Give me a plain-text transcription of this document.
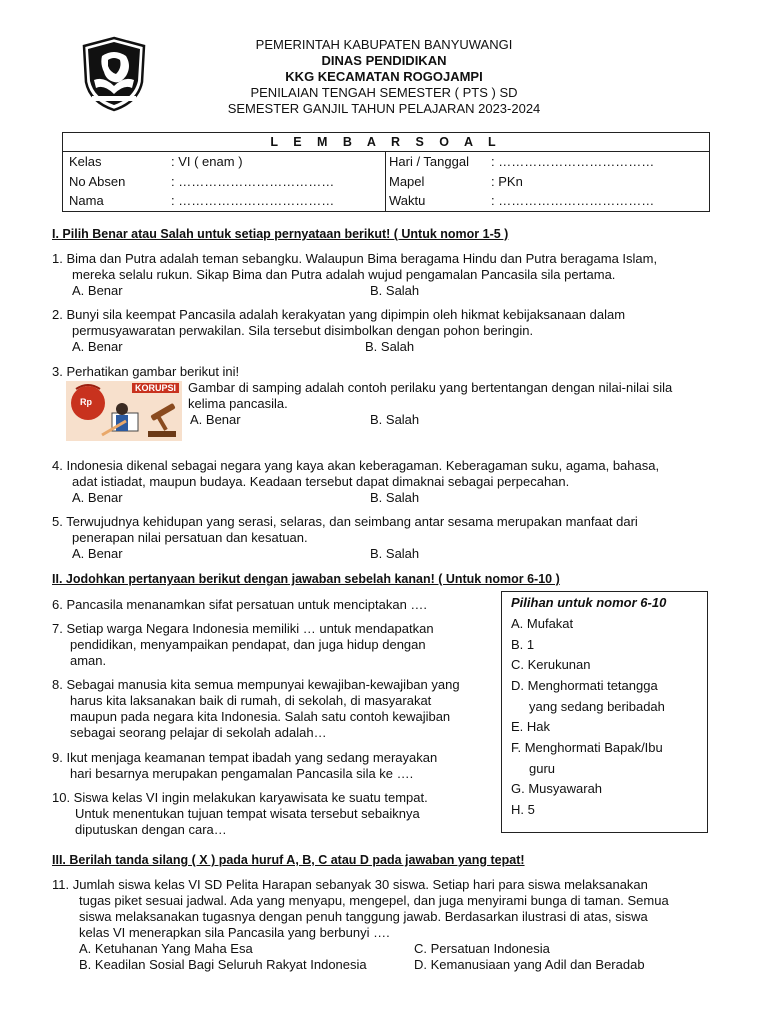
PEMERINTAH KABUPATEN BANYUWANGI
DINAS PENDIDIKAN
KKG KECAMATAN ROGOJAMPI
PENILAIAN TENGAH SEMESTER ( PTS ) SD
SEMESTER GANJIL TAHUN PELAJARAN 2023-2024
L E M B A R S O A L
Kelas	: VI ( enam )
No Absen	: ………………………………
Nama	: ………………………………
Hari / Tanggal : ………………………………
Mapel	: PKn
Waktu	: ………………………………
I. Pilih Benar atau Salah untuk setiap pernyataan berikut! ( Untuk nomor 1-5 )
1. Bima dan Putra adalah teman sebangku. Walaupun Bima beragama Hindu dan Putra beragama Islam,
mereka selalu rukun. Sikap Bima dan Putra adalah wujud pengamalan Pancasila sila pertama.
A. Benar	B. Salah
2. Bunyi sila keempat Pancasila adalah kerakyatan yang dipimpin oleh hikmat kebijaksanaan dalam
permusyawaratan perwakilan. Sila tersebut disimbolkan dengan pohon beringin.
A. Benar	B. Salah
3. Perhatikan gambar berikut ini!
Rp
KORUPSI Gambar di samping adalah contoh perilaku yang bertentangan dengan nilai-nilai sila
kelima pancasila.
A. Benar	B. Salah
4. Indonesia dikenal sebagai negara yang kaya akan keberagaman. Keberagaman suku, agama, bahasa,
adat istiadat, maupun budaya. Keadaan tersebut dapat dimaknai sebagai perpecahan.
A. Benar	B. Salah
5. Terwujudnya kehidupan yang serasi, selaras, dan seimbang antar sesama merupakan manfaat dari
penerapan nilai persatuan dan kesatuan.
A. Benar	B. Salah
II. Jodohkan pertanyaan berikut dengan jawaban sebelah kanan! ( Untuk nomor 6-10 )
6. Pancasila menanamkan sifat persatuan untuk menciptakan ….
7. Setiap warga Negara Indonesia memiliki … untuk mendapatkan
pendidikan, menyampaikan pendapat, dan juga hidup dengan
aman.
8. Sebagai manusia kita semua mempunyai kewajiban-kewajiban yang
harus kita laksanakan baik di rumah, di sekolah, di masyarakat
maupun pada negara kita Indonesia. Salah satu contoh kewajiban
sebagai seorang pelajar di sekolah adalah…
9. Ikut menjaga keamanan tempat ibadah yang sedang merayakan
hari besarnya merupakan pengamalan Pancasila sila ke ….
10. Siswa kelas VI ingin melakukan karyawisata ke suatu tempat.
Untuk menentukan tujuan tempat wisata tersebut sebaiknya
diputuskan dengan cara…
Pilihan untuk nomor 6-10
A. Mufakat
B. 1
C. Kerukunan
D. Menghormati tetangga
yang sedang beribadah
E. Hak
F. Menghormati Bapak/Ibu
guru
G. Musyawarah
H. 5
III. Berilah tanda silang ( X ) pada huruf A, B, C atau D pada jawaban yang tepat!
11. Jumlah siswa kelas VI SD Pelita Harapan sebanyak 30 siswa. Setiap hari para siswa melaksanakan
tugas piket sesuai jadwal. Ada yang menyapu, mengepel, dan juga menyirami bunga di taman. Semua
siswa melaksanakan tugasnya dengan penuh tanggung jawab. Berdasarkan ilustrasi di atas, siswa
kelas VI menerapkan sila Pancasila yang berbunyi ….
A. Ketuhanan Yang Maha Esa	C. Persatuan Indonesia
B. Keadilan Sosial Bagi Seluruh Rakyat Indonesia	D. Kemanusiaan yang Adil dan Beradab
